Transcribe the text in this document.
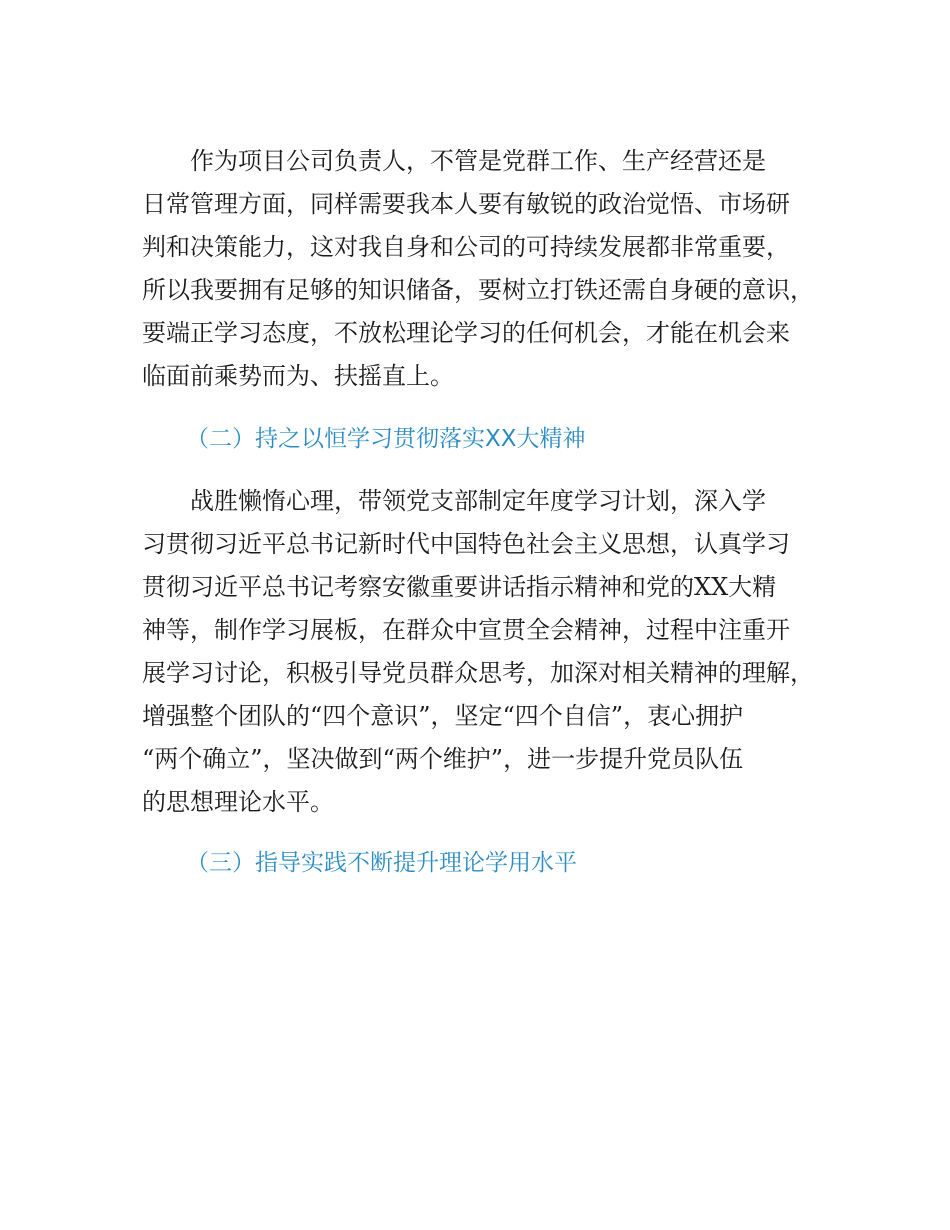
作为项目公司负责人，不管是党群工作、生产经营还是

日常管理方面，同样需要我本人要有敏锐的政治觉悟、市场研

判和决策能力，这对我自身和公司的可持续发展都非常重要，

所以我要拥有足够的知识储备，要树立打铁还需自身硬的意识，

要端正学习态度，不放松理论学习的任何机会，才能在机会来

临面前乘势而为、扶摇直上。

（二）持之以恒学习贯彻落实XX大精神

战胜懒惰心理，带领党支部制定年度学习计划，深入学

习贯彻习近平总书记新时代中国特色社会主义思想，认真学习

贯彻习近平总书记考察安徽重要讲话指示精神和党的XX大精

神等，制作学习展板，在群众中宣贯全会精神，过程中注重开

展学习讨论，积极引导党员群众思考，加深对相关精神的理解，

增强整个团队的“四个意识”，坚定“四个自信”，衷心拥护

“两个确立”，坚决做到“两个维护”，进一步提升党员队伍

的思想理论水平。

（三）指导实践不断提升理论学用水平
